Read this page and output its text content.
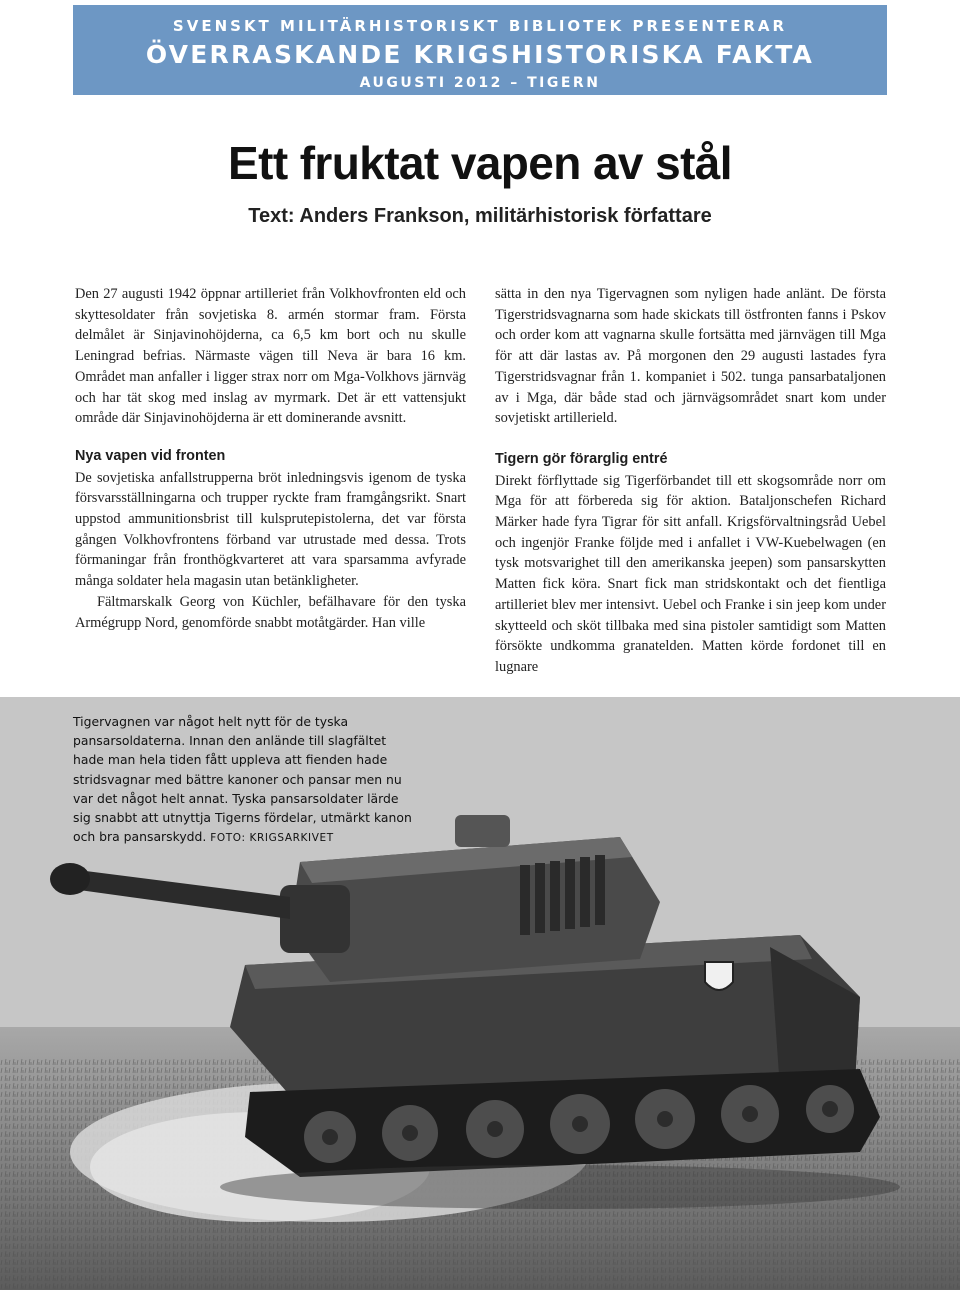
SVENSKT MILITÄRHISTORISKT BIBLIOTEK PRESENTERAR
ÖVERRASKANDE KRIGSHISTORISKA FAKTA
AUGUSTI 2012 – TIGERN
Ett fruktat vapen av stål
Text: Anders Frankson, militärhistorisk författare

Den 27 augusti 1942 öppnar artilleriet från Volkhovfronten eld och skyttesoldater från sovjetiska 8. armén stormar fram. Första delmålet är Sinjavinohöjderna, ca 6,5 km bort och nu skulle Leningrad befrias. Närmaste vägen till Neva är bara 16 km. Området man anfaller i ligger strax norr om Mga-Volkhovs järnväg och har tät skog med inslag av myrmark. Det är ett vattensjukt område där Sinjavinohöjderna är ett dominerande avsnitt.

Nya vapen vid fronten

De sovjetiska anfallstrupperna bröt inledningsvis igenom de tyska försvarsställningarna och trupper ryckte fram framgångsrikt. Snart uppstod ammunitionsbrist till kulsprutepistolerna, det var första gången Volkhovfrontens förband var utrustade med dessa. Trots förmaningar från fronthögkvarteret att vara sparsamma avfyrade många soldater hela magasin utan betänkligheter.

Fältmarskalk Georg von Küchler, befälhavare för den tyska Armégrupp Nord, genomförde snabbt motåtgärder. Han ville

sätta in den nya Tigervagnen som nyligen hade anlänt. De första Tigerstridsvagnarna som hade skickats till östfronten fanns i Pskov och order kom att vagnarna skulle fortsätta med järnvägen till Mga för att där lastas av. På morgonen den 29 augusti lastades fyra Tigerstridsvagnar från 1. kompaniet i 502. tunga pansarbataljonen av i Mga, där både stad och järnvägsområdet snart kom under sovjetiskt artillerield.

Tigern gör förarglig entré

Direkt förflyttade sig Tigerförbandet till ett skogsområde norr om Mga för att förbereda sig för aktion. Bataljonschefen Richard Märker hade fyra Tigrar för sitt anfall. Krigsförvaltningsråd Uebel och ingenjör Franke följde med i anfallet i VW-Kuebelwagen (en tysk motsvarighet till den amerikanska jeepen) som pansarskytten Matten fick köra. Snart fick man stridskontakt och det fientliga artilleriet blev mer intensivt. Uebel och Franke i sin jeep kom under skytteeld och sköt tillbaka med sina pistoler samtidigt som Matten försökte undkomma granatelden. Matten körde fordonet till en lugnare

Tigervagnen var något helt nytt för de tyska pansarsoldaterna. Innan den anlände till slagfältet hade man hela tiden fått uppleva att fienden hade stridsvagnar med bättre kanoner och pansar men nu var det något helt annat. Tyska pansarsoldater lärde sig snabbt att utnyttja Tigerns fördelar, utmärkt kanon och bra pansarskydd. FOTO: KRIGSARKIVET
